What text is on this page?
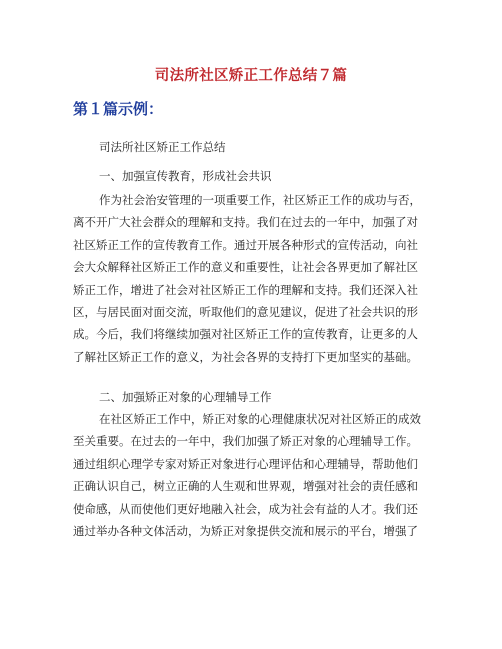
司法所社区矫正工作总结７篇
第１篇示例：
司法所社区矫正工作总结
一、加强宣传教育，形成社会共识

作为社会治安管理的一项重要工作，社区矫正工作的成功与否，

离不开广大社会群众的理解和支持。我们在过去的一年中，加强了对

社区矫正工作的宣传教育工作。通过开展各种形式的宣传活动，向社

会大众解释社区矫正工作的意义和重要性，让社会各界更加了解社区

矫正工作，增进了社会对社区矫正工作的理解和支持。我们还深入社

区，与居民面对面交流，听取他们的意见建议，促进了社会共识的形

成。今后，我们将继续加强对社区矫正工作的宣传教育，让更多的人

了解社区矫正工作的意义，为社会各界的支持打下更加坚实的基础。

二、加强矫正对象的心理辅导工作

在社区矫正工作中，矫正对象的心理健康状况对社区矫正的成效

至关重要。在过去的一年中，我们加强了矫正对象的心理辅导工作。

通过组织心理学专家对矫正对象进行心理评估和心理辅导，帮助他们

正确认识自己，树立正确的人生观和世界观，增强对社会的责任感和

使命感，从而使他们更好地融入社会，成为社会有益的人才。我们还

通过举办各种文体活动，为矫正对象提供交流和展示的平台，增强了
